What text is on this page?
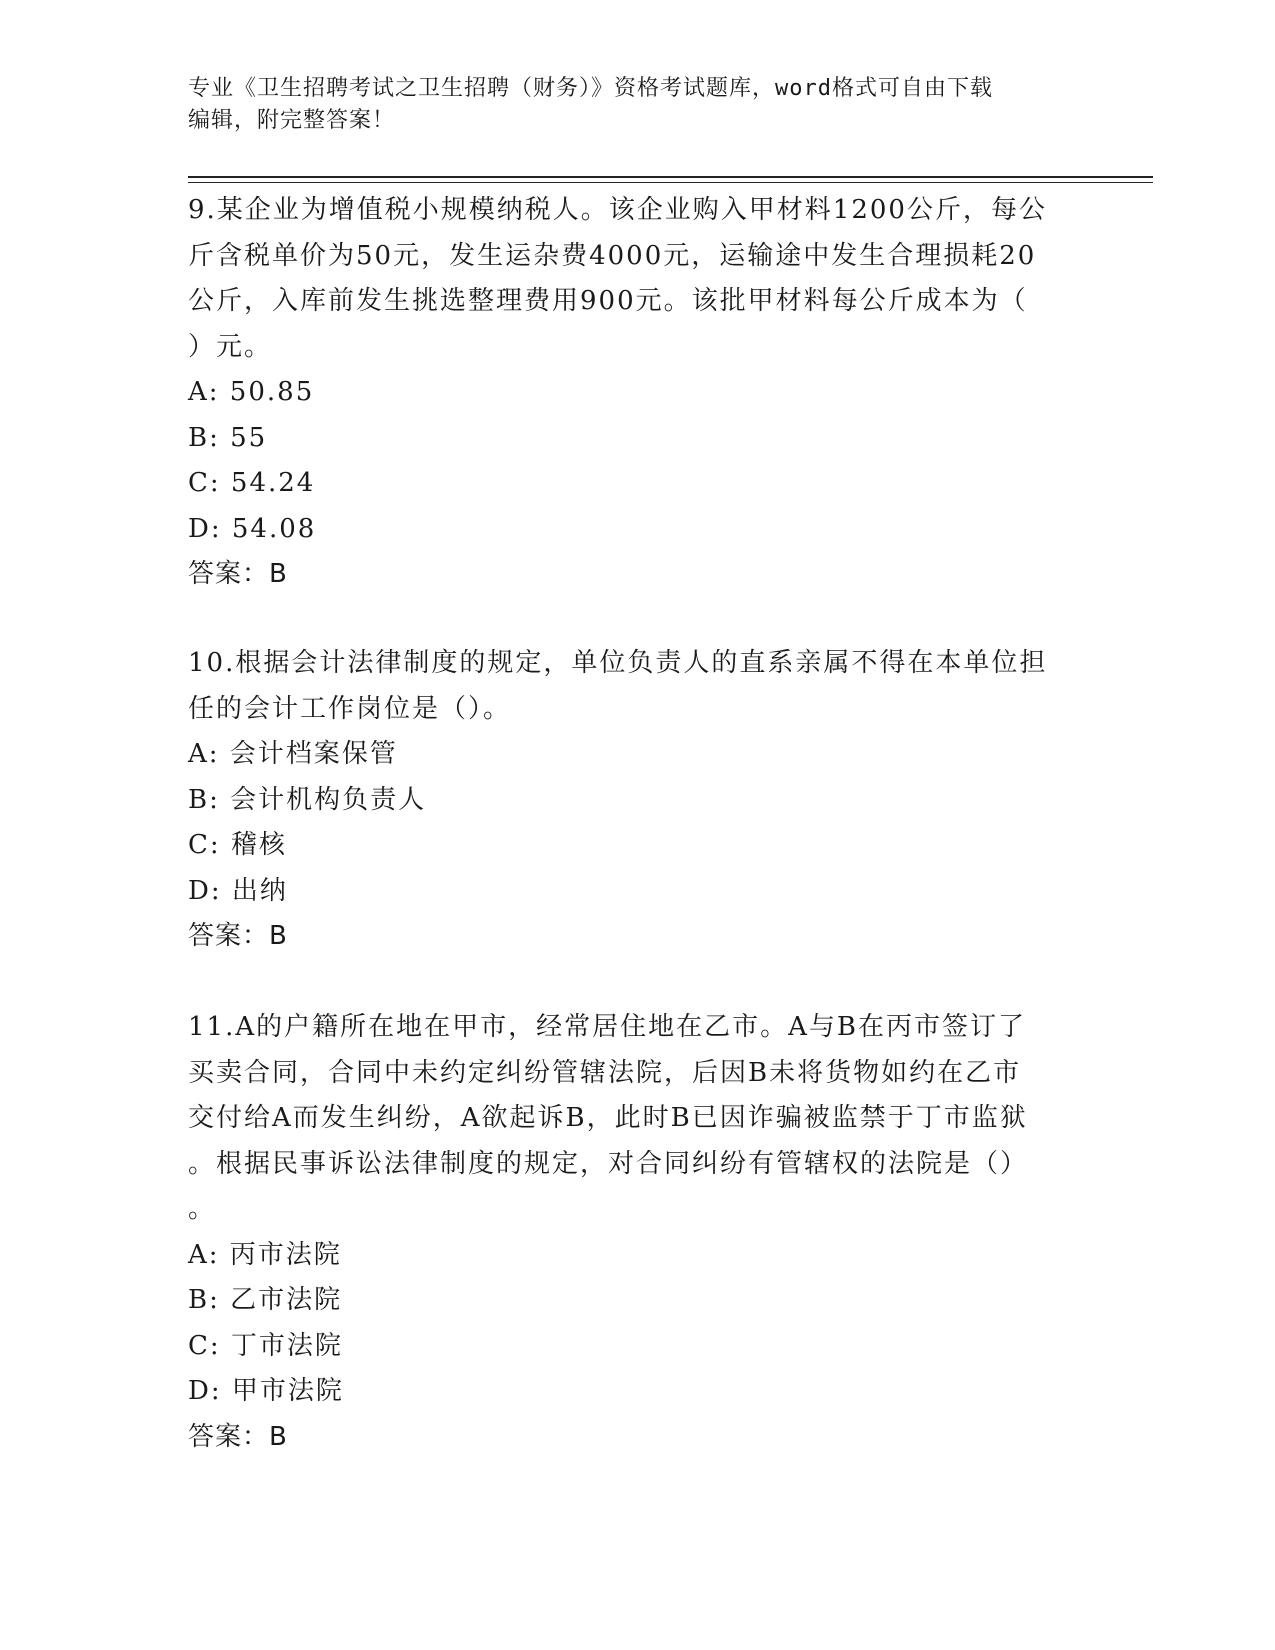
专业《卫生招聘考试之卫生招聘（财务）》资格考试题库，word格式可自由下载
编辑，附完整答案！
9.某企业为增值税小规模纳税人。该企业购入甲材料1200公斤，每公
斤含税单价为50元，发生运杂费4000元，运输途中发生合理损耗20
公斤，入库前发生挑选整理费用900元。该批甲材料每公斤成本为（
）元。
A: 50.85
B: 55
C: 54.24
D: 54.08
答案：B
10.根据会计法律制度的规定，单位负责人的直系亲属不得在本单位担
任的会计工作岗位是（）。
A: 会计档案保管
B: 会计机构负责人
C: 稽核
D: 出纳
答案：B
11.A的户籍所在地在甲市，经常居住地在乙市。A与B在丙市签订了
买卖合同，合同中未约定纠纷管辖法院，后因B未将货物如约在乙市
交付给A而发生纠纷，A欲起诉B，此时B已因诈骗被监禁于丁市监狱
。根据民事诉讼法律制度的规定，对合同纠纷有管辖权的法院是（）
。
A: 丙市法院
B: 乙市法院
C: 丁市法院
D: 甲市法院
答案：B
